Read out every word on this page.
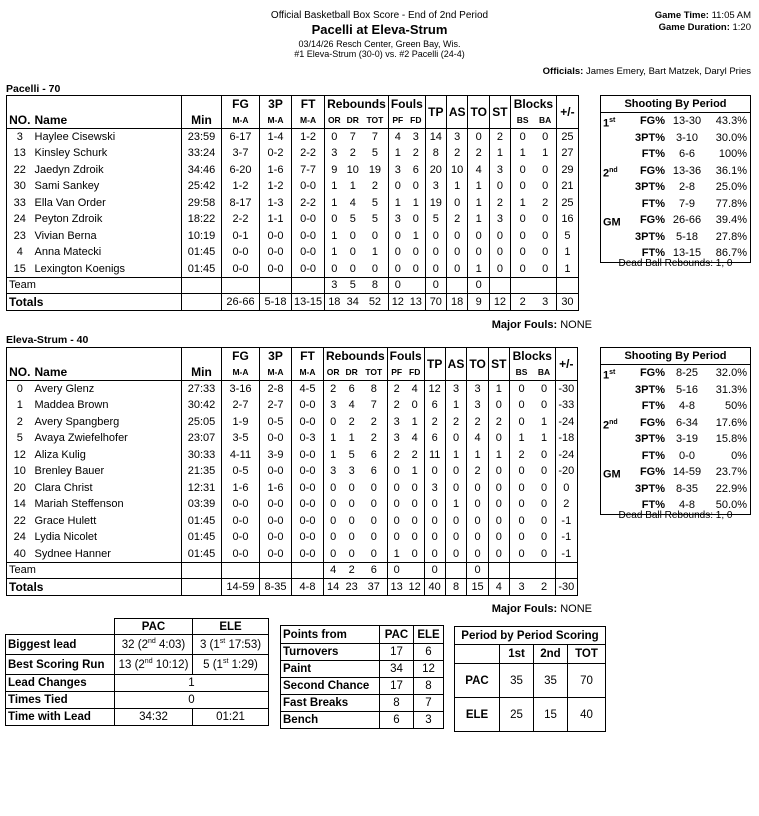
Official Basketball Box Score - End of 2nd Period
Pacelli at Eleva-Strum
03/14/26 Resch Center, Green Bay, Wis.
#1 Eleva-Strum (30-0) vs. #2 Pacelli (24-4)
Game Time: 11:05 AM
Game Duration: 1:20
Officials: James Emery, Bart Matzek, Daryl Pries
Pacelli - 70
			FG	3P	FT	Rebounds			Fouls		TP	AS	TO	ST	Blocks		+/-
NO.	Name	Min	M-A	M-A	M-A	OR	DR	TOT	PF	FD					BS	BA	
3	Haylee Cisewski	23:59	6-17	1-4	1-2	0	7	7	4	3	14	3	0	2	0	0	25
13	Kinsley Schurk	33:24	3-7	0-2	2-2	3	2	5	1	2	8	2	2	1	1	1	27
22	Jaedyn Zdroik	34:46	6-20	1-6	7-7	9	10	19	3	6	20	10	4	3	0	0	29
30	Sami Sankey	25:42	1-2	1-2	0-0	1	1	2	0	0	3	1	1	0	0	0	21
33	Ella Van Order	29:58	8-17	1-3	2-2	1	4	5	1	1	19	0	1	2	1	2	25
24	Peyton Zdroik	18:22	2-2	1-1	0-0	0	5	5	3	0	5	2	1	3	0	0	16
23	Vivian Berna	10:19	0-1	0-0	0-0	1	0	0	0	1	0	0	0	0	0	0	5
4	Anna Matecki	01:45	0-0	0-0	0-0	1	0	1	0	0	0	0	0	0	0	0	1
15	Lexington Koenigs	01:45	0-0	0-0	0-0	0	0	0	0	0	0	0	1	0	0	0	1
Team						3	5	8	0		0		0				
Totals			26-66	5-18	13-15	18	34	52	12	13	70	18	9	12	2	3	30
Major Fouls: NONE
Shooting By Period
1st FG% 13-30	43.3%
3PT% 3-10	30.0%
FT%	6-6	100%
2nd FG% 13-36	36.1%
3PT%	2-8	25.0%
FT%	7-9	77.8%
GM FG% 26-66	39.4%
3PT% 5-18	27.8%
FT% 13-15	86.7%
Dead Ball Rebounds: 1, 0
Eleva-Strum - 40
			FG	3P	FT	Rebounds			Fouls		TP	AS	TO	ST	Blocks		+/-
NO.	Name	Min	M-A	M-A	M-A	OR	DR	TOT	PF	FD					BS	BA	
0	Avery Glenz	27:33	3-16	2-8	4-5	2	6	8	2	4	12	3	3	1	0	0	-30
1	Maddea Brown	30:42	2-7	2-7	0-0	3	4	7	2	0	6	1	3	0	0	0	-33
2	Avery Spangberg	25:05	1-9	0-5	0-0	0	2	2	3	1	2	2	2	2	0	1	-24
5	Avaya Zwiefelhofer	23:07	3-5	0-0	0-3	1	1	2	3	4	6	0	4	0	1	1	-18
12	Aliza Kulig	30:33	4-11	3-9	0-0	1	5	6	2	2	11	1	1	1	2	0	-24
10	Brenley Bauer	21:35	0-5	0-0	0-0	3	3	6	0	1	0	0	2	0	0	0	-20
20	Clara Christ	12:31	1-6	1-6	0-0	0	0	0	0	0	3	0	0	0	0	0	0
14	Mariah Steffenson	03:39	0-0	0-0	0-0	0	0	0	0	0	0	1	0	0	0	0	2
22	Grace Hulett	01:45	0-0	0-0	0-0	0	0	0	0	0	0	0	0	0	0	0	-1
24	Lydia Nicolet	01:45	0-0	0-0	0-0	0	0	0	0	0	0	0	0	0	0	0	-1
40	Sydnee Hanner	01:45	0-0	0-0	0-0	0	0	0	1	0	0	0	0	0	0	0	-1
Team						4	2	6	0		0		0				
Totals			14-59	8-35	4-8	14	23	37	13	12	40	8	15	4	3	2	-30
Major Fouls: NONE
Shooting By Period
1st FG% 8-25	32.0%
3PT% 5-16	31.3%
FT%	4-8	50%
2nd FG% 6-34	17.6%
3PT% 3-19	15.8%
FT%	0-0	0%
GM FG% 14-59	23.7%
3PT% 8-35	22.9%
FT%	4-8	50.0%
Dead Ball Rebounds: 1, 0
	PAC	ELE
Biggest lead	32 (2nd 4:03)	3 (1st 17:53)
Best Scoring Run	13 (2nd 10:12)	5 (1st 1:29)
Lead Changes	1	
Times Tied	0	
Time with Lead	34:32	01:21
Points from	PAC	ELE
Turnovers	17	6
Paint	34	12
Second Chance	17	8
Fast Breaks	8	7
Bench	6	3
Period by Period Scoring			
	1st	2nd	TOT
PAC	35	35	70
ELE	25	15	40
